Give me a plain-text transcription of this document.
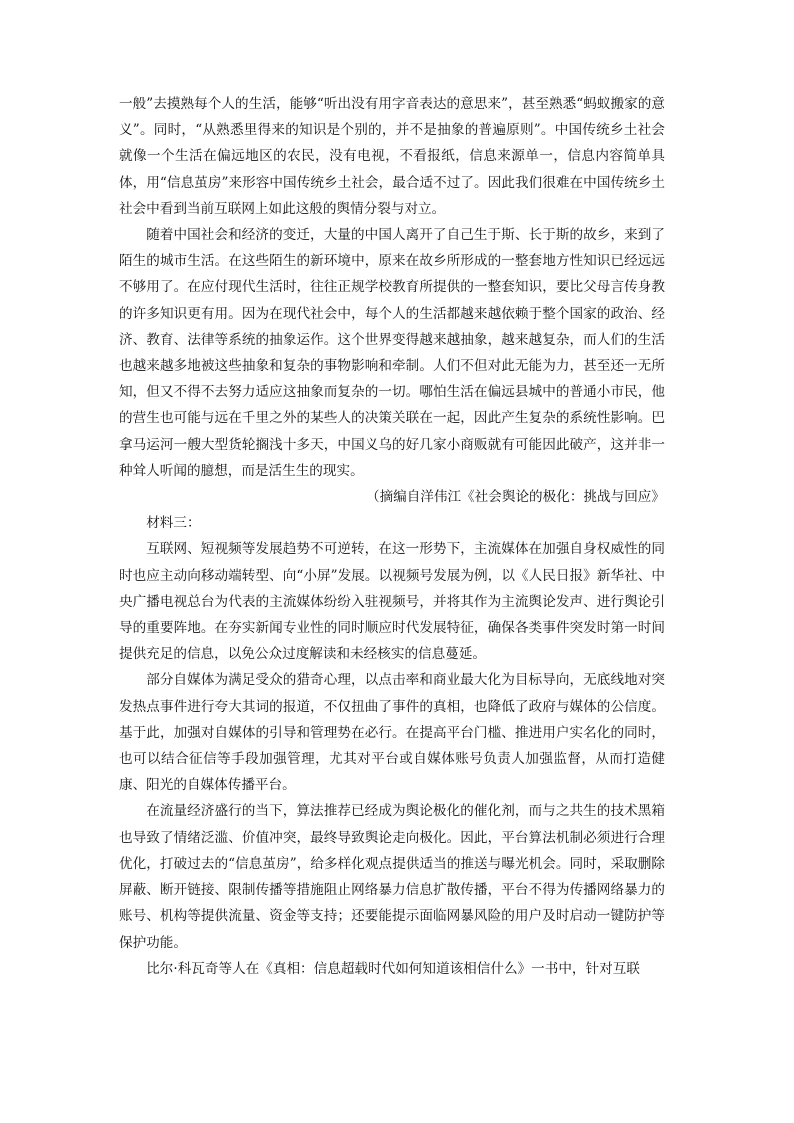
一般”去摸熟每个人的生活，能够“听出没有用字音表达的意思来”，甚至熟悉“蚂蚁搬家的意义”。同时，“从熟悉里得来的知识是个别的，并不是抽象的普遍原则”。中国传统乡土社会就像一个生活在偏远地区的农民，没有电视，不看报纸，信息来源单一，信息内容简单具体，用“信息茧房”来形容中国传统乡土社会，最合适不过了。因此我们很难在中国传统乡土社会中看到当前互联网上如此这般的舆情分裂与对立。

随着中国社会和经济的变迁，大量的中国人离开了自己生于斯、长于斯的故乡，来到了陌生的城市生活。在这些陌生的新环境中，原来在故乡所形成的一整套地方性知识已经远远不够用了。在应付现代生活时，往往正规学校教育所提供的一整套知识，要比父母言传身教的许多知识更有用。因为在现代社会中，每个人的生活都越来越依赖于整个国家的政治、经济、教育、法律等系统的抽象运作。这个世界变得越来越抽象，越来越复杂，而人们的生活也越来越多地被这些抽象和复杂的事物影响和牵制。人们不但对此无能为力，甚至还一无所知，但又不得不去努力适应这抽象而复杂的一切。哪怕生活在偏远县城中的普通小市民，他的营生也可能与远在千里之外的某些人的决策关联在一起，因此产生复杂的系统性影响。巴拿马运河一艘大型货轮搁浅十多天，中国义乌的好几家小商贩就有可能因此破产，这并非一种耸人听闻的臆想，而是活生生的现实。

（摘编自洋伟江《社会舆论的极化：挑战与回应》

材料三：

互联网、短视频等发展趋势不可逆转，在这一形势下，主流媒体在加强自身权威性的同时也应主动向移动端转型、向“小屏”发展。以视频号发展为例，以《人民日报》新华社、中央广播电视总台为代表的主流媒体纷纷入驻视频号，并将其作为主流舆论发声、进行舆论引导的重要阵地。在夯实新闻专业性的同时顺应时代发展特征，确保各类事件突发时第一时间提供充足的信息，以免公众过度解读和未经核实的信息蔓延。

部分自媒体为满足受众的猎奇心理，以点击率和商业最大化为目标导向，无底线地对突发热点事件进行夸大其词的报道，不仅扭曲了事件的真相，也降低了政府与媒体的公信度。基于此，加强对自媒体的引导和管理势在必行。在提高平台门槛、推进用户实名化的同时，也可以结合征信等手段加强管理，尤其对平台或自媒体账号负责人加强监督，从而打造健康、阳光的自媒体传播平台。

在流量经济盛行的当下，算法推荐已经成为舆论极化的催化剂，而与之共生的技术黑箱也导致了情绪泛滥、价值冲突，最终导致舆论走向极化。因此，平台算法机制必须进行合理优化，打破过去的“信息茧房”，给多样化观点提供适当的推送与曝光机会。同时，采取删除屏蔽、断开链接、限制传播等措施阻止网络暴力信息扩散传播，平台不得为传播网络暴力的账号、机构等提供流量、资金等支持；还要能提示面临网暴风险的用户及时启动一键防护等保护功能。

比尔·科瓦奇等人在《真相：信息超载时代如何知道该相信什么》一书中，针对互联
